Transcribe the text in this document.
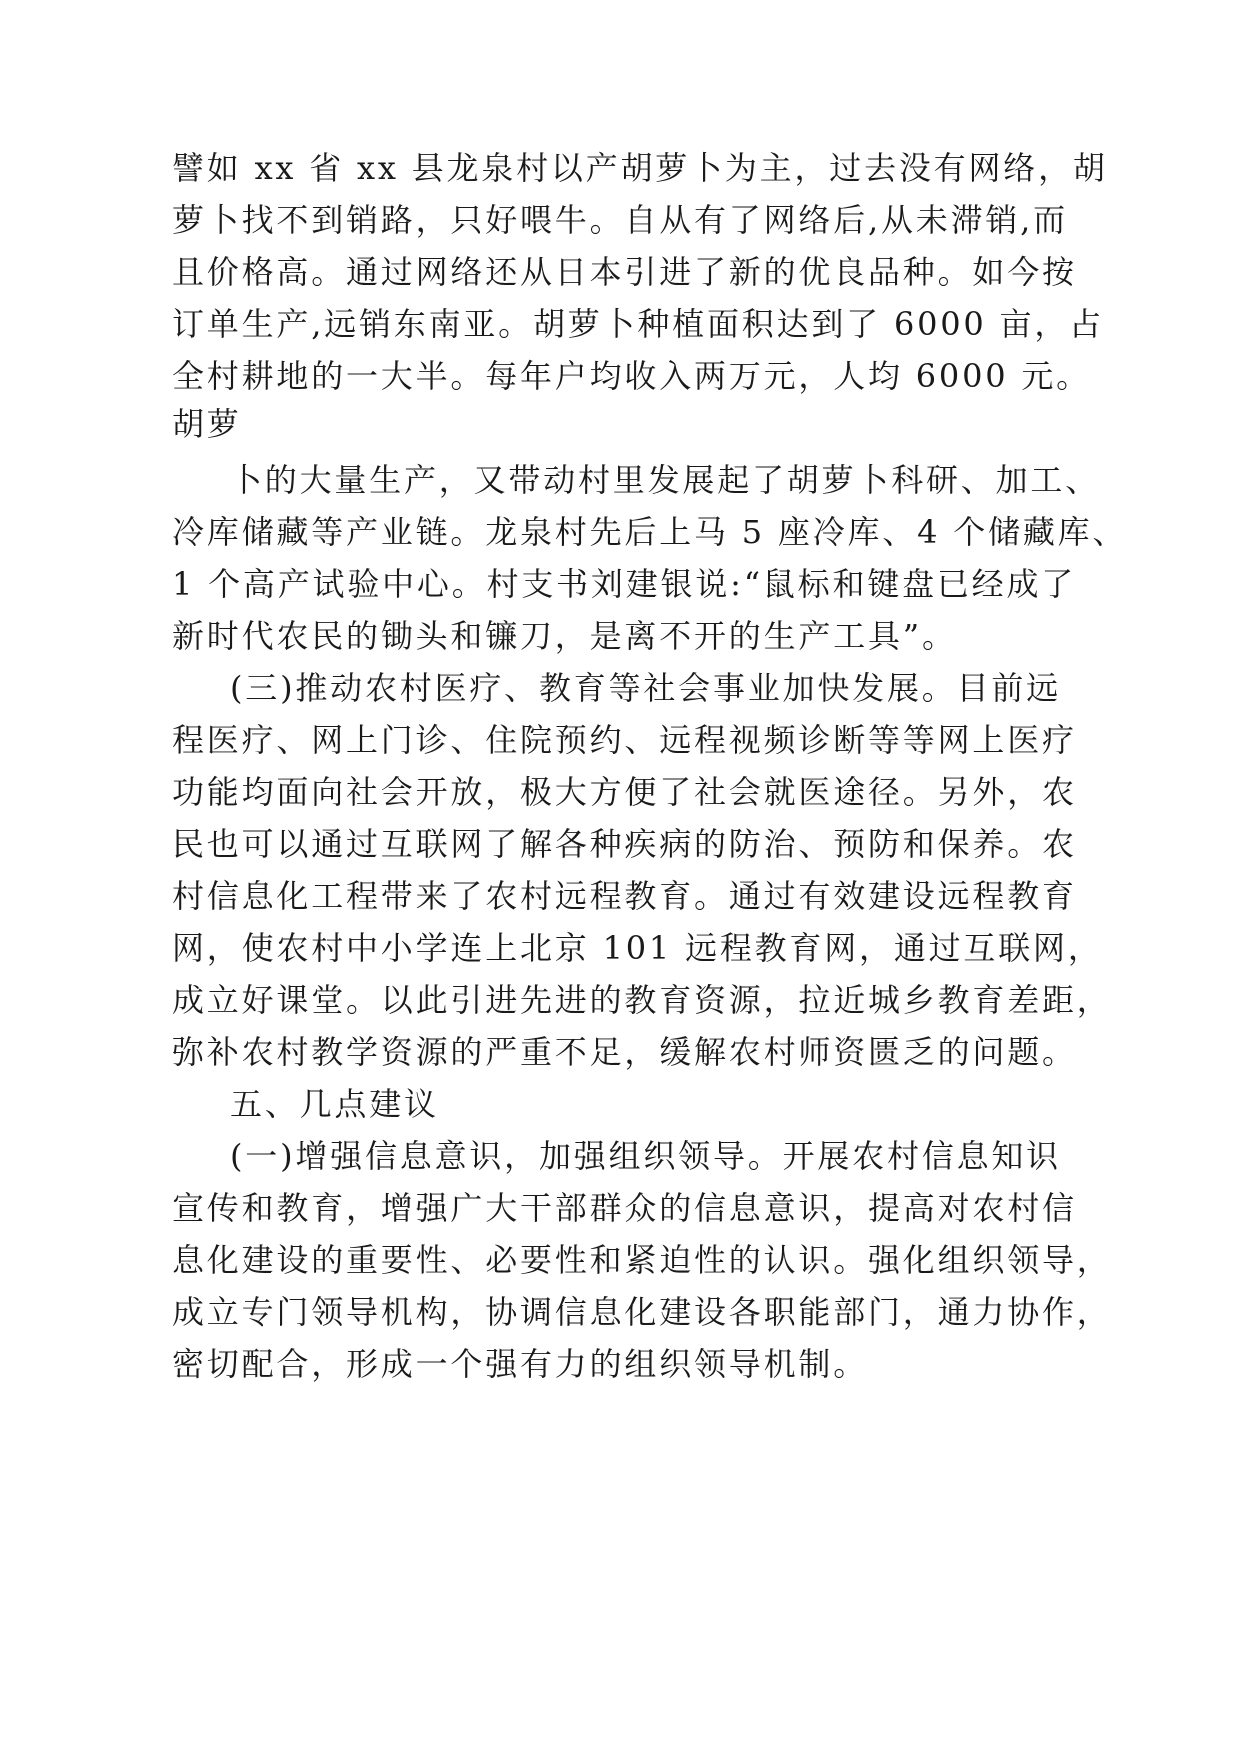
譬如 xx 省 xx 县龙泉村以产胡萝卜为主，过去没有网络，胡

萝卜找不到销路，只好喂牛。自从有了网络后,从未滞销,而

且价格高。通过网络还从日本引进了新的优良品种。如今按

订单生产,远销东南亚。胡萝卜种植面积达到了 6000 亩，占

全村耕地的一大半。每年户均收入两万元，人均 6000 元。

胡萝

卜的大量生产，又带动村里发展起了胡萝卜科研、加工、

冷库储藏等产业链。龙泉村先后上马 5 座冷库、4 个储藏库、

1 个高产试验中心。村支书刘建银说:“鼠标和键盘已经成了

新时代农民的锄头和镰刀，是离不开的生产工具”。

(三)推动农村医疗、教育等社会事业加快发展。目前远

程医疗、网上门诊、住院预约、远程视频诊断等等网上医疗

功能均面向社会开放，极大方便了社会就医途径。另外，农

民也可以通过互联网了解各种疾病的防治、预防和保养。农

村信息化工程带来了农村远程教育。通过有效建设远程教育

网，使农村中小学连上北京 101 远程教育网，通过互联网，

成立好课堂。以此引进先进的教育资源，拉近城乡教育差距，

弥补农村教学资源的严重不足，缓解农村师资匮乏的问题。

五、几点建议

(一)增强信息意识，加强组织领导。开展农村信息知识

宣传和教育，增强广大干部群众的信息意识，提高对农村信

息化建设的重要性、必要性和紧迫性的认识。强化组织领导，

成立专门领导机构，协调信息化建设各职能部门，通力协作，

密切配合，形成一个强有力的组织领导机制。
